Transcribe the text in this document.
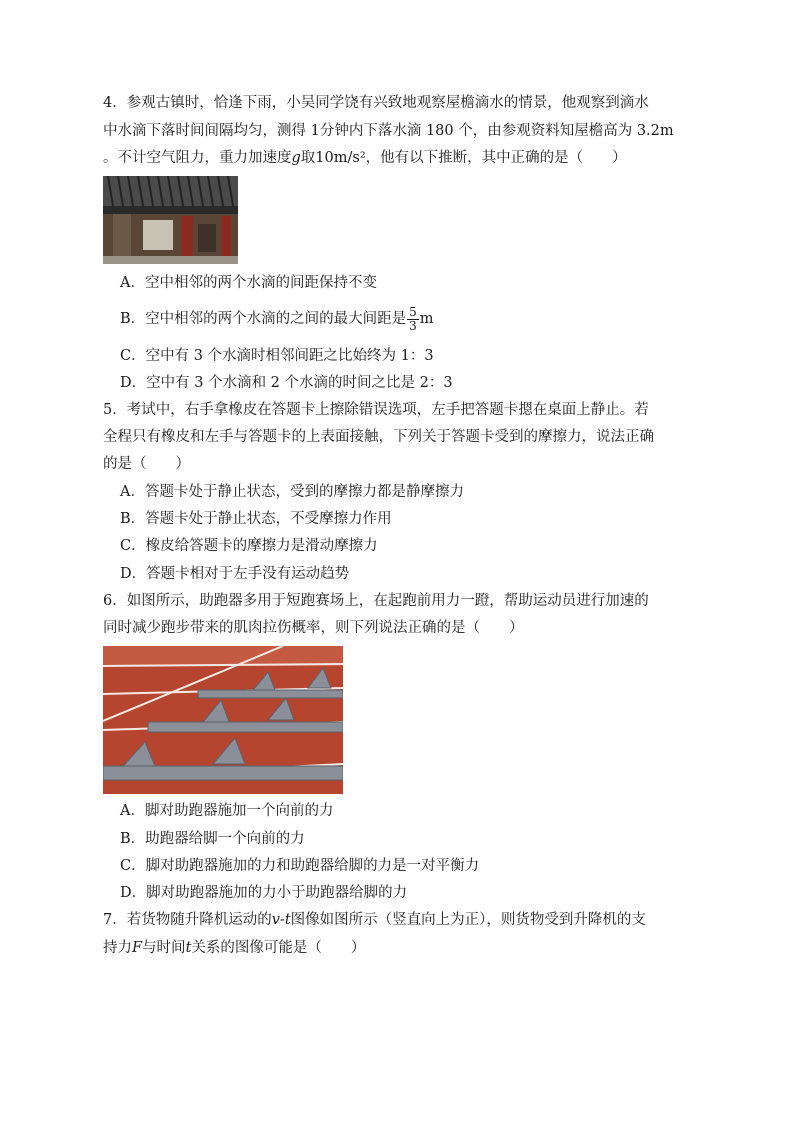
4．参观古镇时，恰逢下雨，小吴同学饶有兴致地观察屋檐滴水的情景，他观察到滴水
中水滴下落时间间隔均匀，测得 1分钟内下落水滴 180 个，由参观资料知屋檐高为 3.2m
。不计空气阻力，重力加速度g取10m/s²，他有以下推断，其中正确的是（　　）
A．空中相邻的两个水滴的间距保持不变
B．空中相邻的两个水滴的之间的最大间距是 $\frac{5}{3}$ m
C．空中有 3 个水滴时相邻间距之比始终为 1：3
D．空中有 3 个水滴和 2 个水滴的时间之比是 2：3
5．考试中，右手拿橡皮在答题卡上擦除错误选项，左手把答题卡摁在桌面上静止。若
全程只有橡皮和左手与答题卡的上表面接触，下列关于答题卡受到的摩擦力，说法正确
的是（　　）
A．答题卡处于静止状态，受到的摩擦力都是静摩擦力
B．答题卡处于静止状态，不受摩擦力作用
C．橡皮给答题卡的摩擦力是滑动摩擦力
D．答题卡相对于左手没有运动趋势
6．如图所示，助跑器多用于短跑赛场上，在起跑前用力一蹬，帮助运动员进行加速的
同时减少跑步带来的肌肉拉伤概率，则下列说法正确的是（　　）
A．脚对助跑器施加一个向前的力
B．助跑器给脚一个向前的力
C．脚对助跑器施加的力和助跑器给脚的力是一对平衡力
D．脚对助跑器施加的力小于助跑器给脚的力
7．若货物随升降机运动的v-t图像如图所示（竖直向上为正），则货物受到升降机的支
持力F与时间t关系的图像可能是（　　）
